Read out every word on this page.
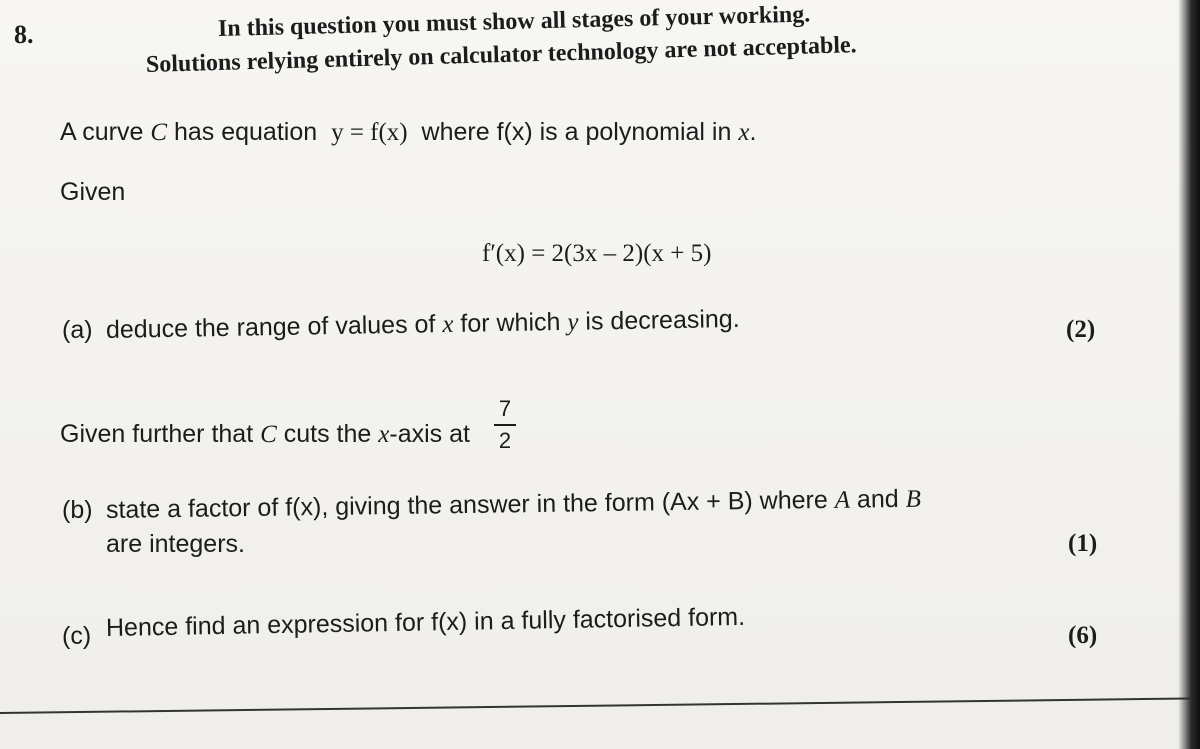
8.	In this question you must show all stages of your working.
Solutions relying entirely on calculator technology are not acceptable.
A curve C has equation y = f(x) where f(x) is a polynomial in x.
Given
f′(x) = 2(3x – 2)(x + 5)
(a) deduce the range of values of x for which y is decreasing.	(2)
Given further that C cuts the x-axis at
7
2
(b) state a factor of f(x), giving the answer in the form (Ax + B) where A and B
are integers.	(1)
(c) Hence find an expression for f(x) in a fully factorised form.	(6)
